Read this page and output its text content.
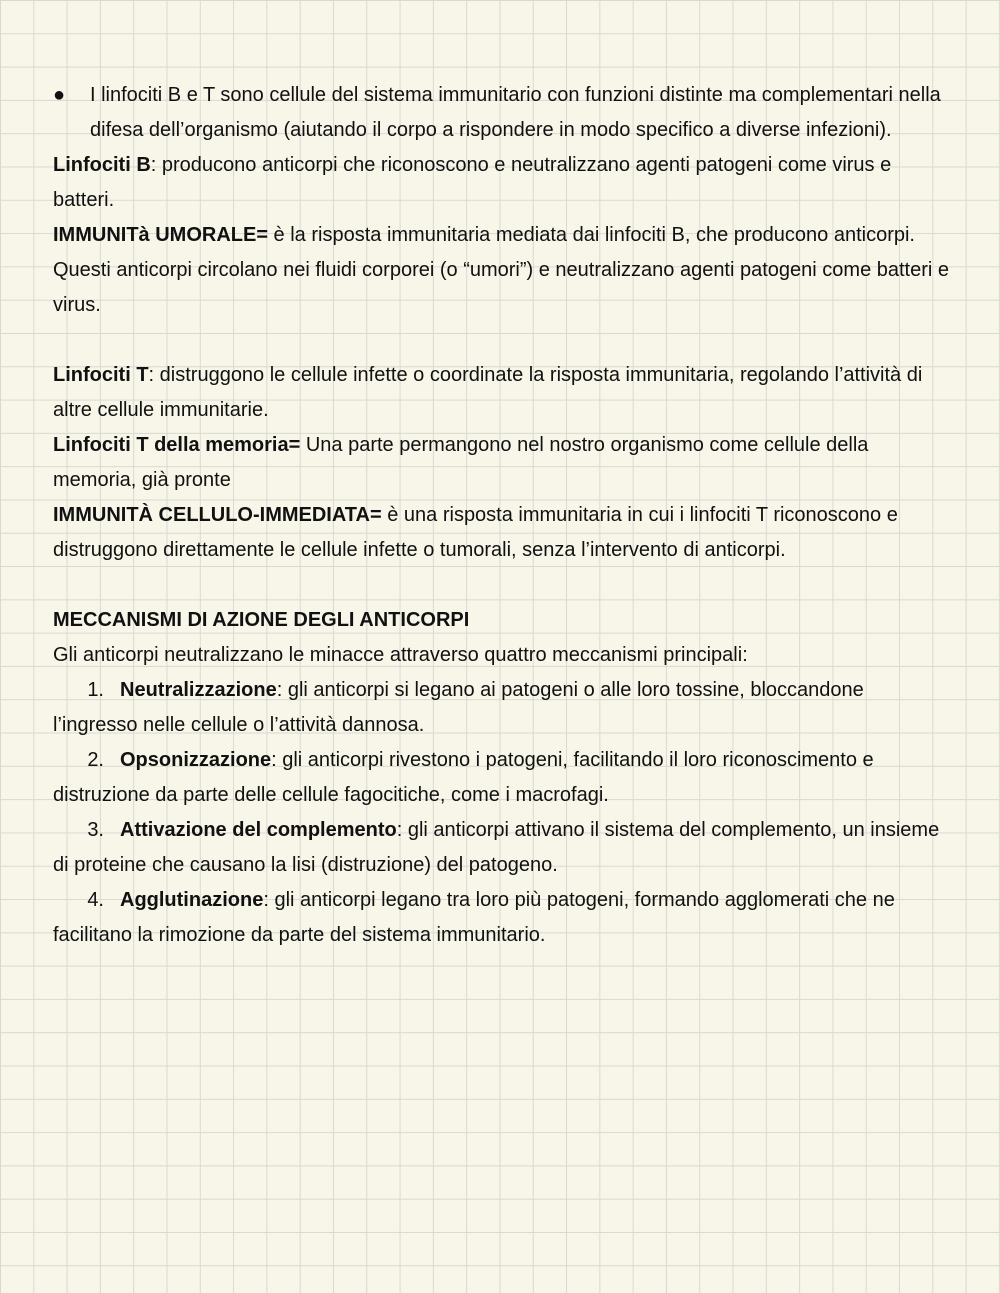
● I linfociti B e T sono cellule del sistema immunitario con funzioni distinte ma complementari nella difesa dell’organismo (aiutando il corpo a rispondere in modo specifico a diverse infezioni).

Linfociti B: producono anticorpi che riconoscono e neutralizzano agenti patogeni come virus e batteri.

IMMUNITà UMORALE= è la risposta immunitaria mediata dai linfociti B, che producono anticorpi. Questi anticorpi circolano nei fluidi corporei (o “umori”) e neutralizzano agenti patogeni come batteri e virus.

Linfociti T: distruggono le cellule infette o coordinate la risposta immunitaria, regolando l’attività di altre cellule immunitarie.

Linfociti T della memoria= Una parte permangono nel nostro organismo come cellule della memoria, già pronte

IMMUNITÀ CELLULO-IMMEDIATA= è una risposta immunitaria in cui i linfociti T riconoscono e distruggono direttamente le cellule infette o tumorali, senza l’intervento di anticorpi.

MECCANISMI DI AZIONE DEGLI ANTICORPI

Gli anticorpi neutralizzano le minacce attraverso quattro meccanismi principali:

1. Neutralizzazione: gli anticorpi si legano ai patogeni o alle loro tossine, bloccandone l’ingresso nelle cellule o l’attività dannosa.

2. Opsonizzazione: gli anticorpi rivestono i patogeni, facilitando il loro riconoscimento e distruzione da parte delle cellule fagocitiche, come i macrofagi.

3. Attivazione del complemento: gli anticorpi attivano il sistema del complemento, un insieme di proteine che causano la lisi (distruzione) del patogeno.

4. Agglutinazione: gli anticorpi legano tra loro più patogeni, formando agglomerati che ne facilitano la rimozione da parte del sistema immunitario.
